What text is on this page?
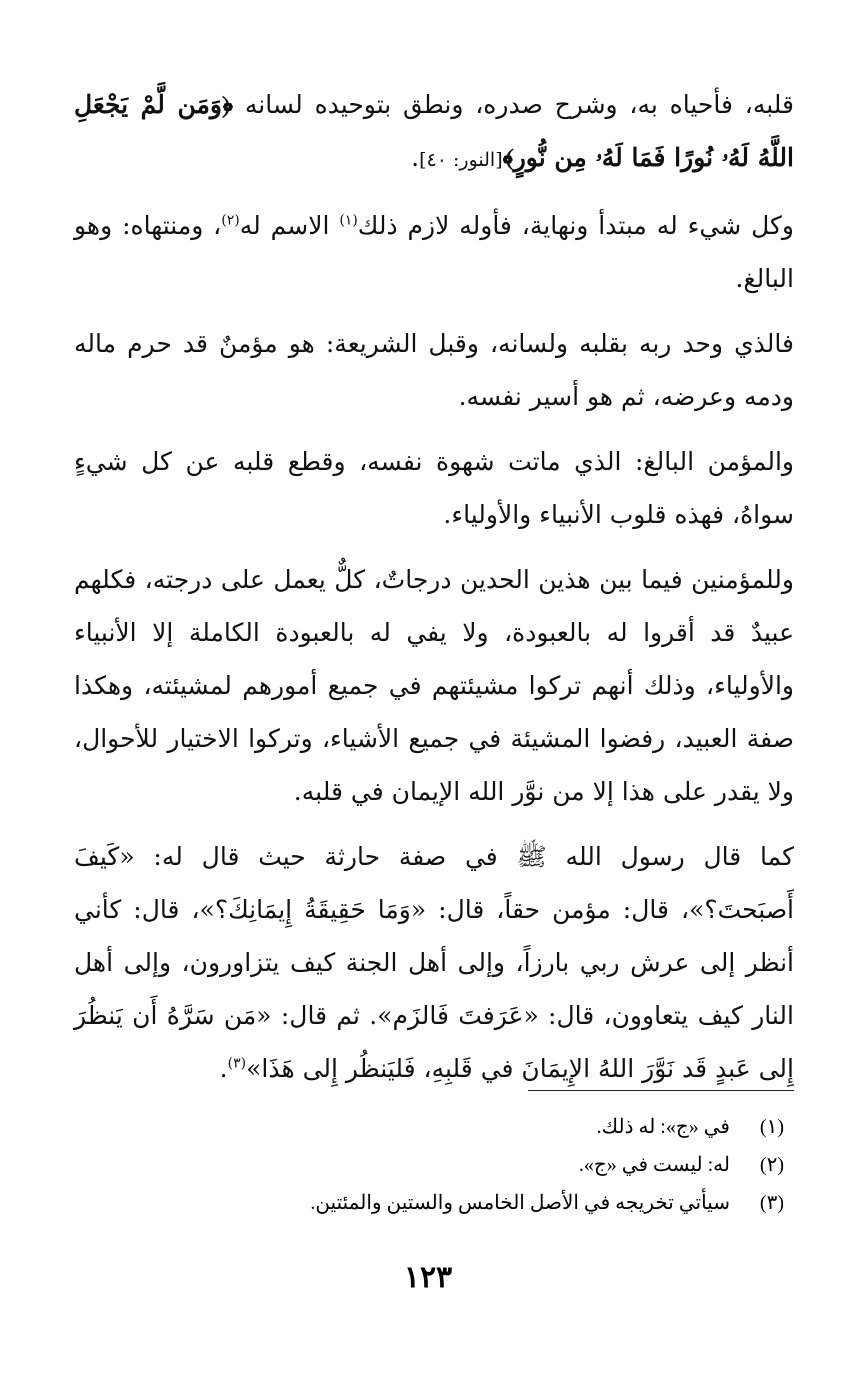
قلبه، فأحياه به، وشرح صدره، ونطق بتوحيده لسانه ﴿وَمَن لَّمْ يَجْعَلِ اللَّهُ لَهُۥ نُورًا فَمَا لَهُۥ مِن نُّورٍ﴾[النور: ٤٠].

وكل شيء له مبتدأ ونهاية، فأوله لازم ذلك$^{(١)}$ الاسم له$^{(٢)}$، ومنتهاه: وهو البالغ.

فالذي وحد ربه بقلبه ولسانه، وقبل الشريعة: هو مؤمنٌ قد حرم ماله ودمه وعرضه، ثم هو أسير نفسه.

والمؤمن البالغ: الذي ماتت شهوة نفسه، وقطع قلبه عن كل شيءٍ سواهُ، فهذه قلوب الأنبياء والأولياء.

وللمؤمنين فيما بين هذين الحدين درجاتٌ، كلٌّ يعمل على درجته، فكلهم عبيدٌ قد أقروا له بالعبودة، ولا يفي له بالعبودة الكاملة إلا الأنبياء والأولياء، وذلك أنهم تركوا مشيئتهم في جميع أمورهم لمشيئته، وهكذا صفة العبيد، رفضوا المشيئة في جميع الأشياء، وتركوا الاختيار للأحوال، ولا يقدر على هذا إلا من نوَّر الله الإيمان في قلبه.

كما قال رسول الله ﷺ في صفة حارثة حيث قال له: «كَيفَ أَصبَحتَ؟»، قال: مؤمن حقاً، قال: «وَمَا حَقِيقَةُ إِيمَانِكَ؟»، قال: كأني أنظر إلى عرش ربي بارزاً، وإلى أهل الجنة كيف يتزاورون، وإلى أهل النار كيف يتعاوون، قال: «عَرَفتَ فَالزَم». ثم قال: «مَن سَرَّهُ أَن يَنظُرَ إِلى عَبدٍ قَد نَوَّرَ اللهُ الإِيمَانَ في قَلبِهِ، فَليَنظُر إِلى هَذَا»$^{(٣)}$.

(١)
في «ج»: له ذلك.
(٢)
له: ليست في «ج».
(٣)
سيأتي تخريجه في الأصل الخامس والستين والمئتين.
١٢٣
